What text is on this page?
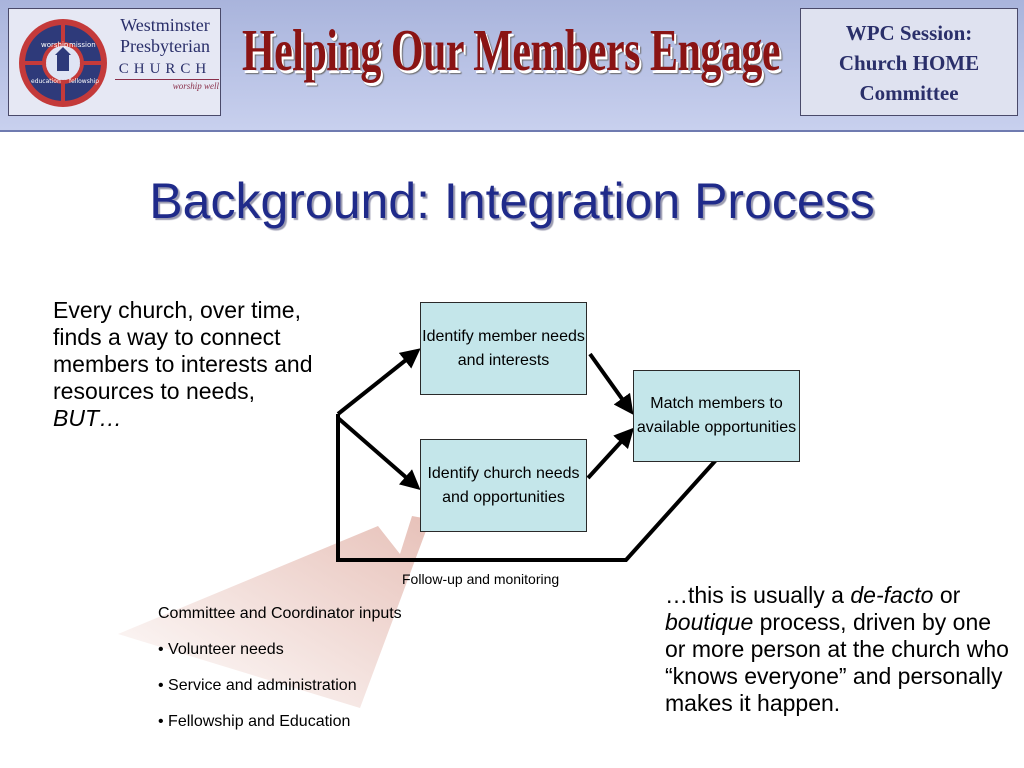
worship mission
fellowship
education
Westminster
Presbyterian
CHURCH
worship well
Helping Our Members Engage	WPC Session:
Church HOME
Committee
Background: Integration Process
Every church, over time, finds a way to connect members to interests and resources to needs, BUT…
Identify member needs and interests
Identify church needs and opportunities
Match members to available opportunities
Follow-up and monitoring
Committee and Coordinator inputs
• Volunteer needs
• Service and administration
• Fellowship and Education
…this is usually a de-facto or boutique process, driven by one or more person at the church who “knows everyone” and personally makes it happen.
